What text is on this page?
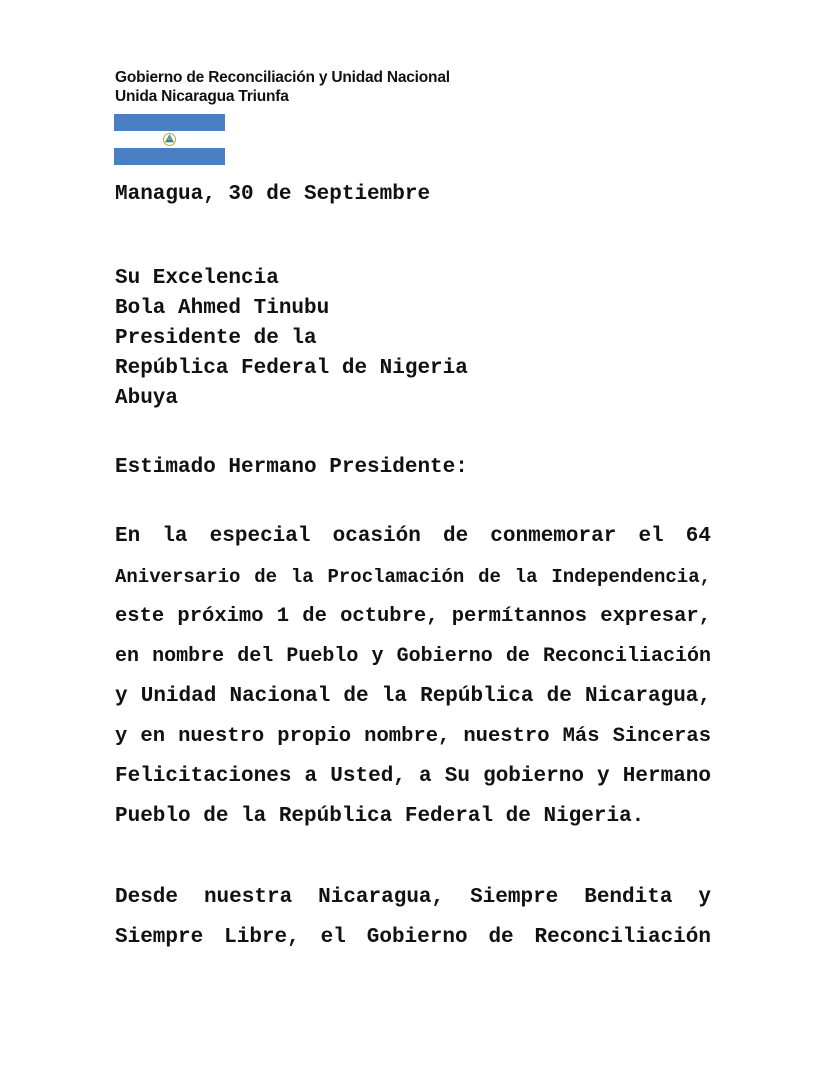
Gobierno de Reconciliación y Unidad Nacional
Unida Nicaragua Triunfa
Managua, 30 de Septiembre
Su Excelencia
Bola Ahmed Tinubu
Presidente de la
República Federal de Nigeria
Abuya
Estimado Hermano Presidente:
En la especial ocasión de conmemorar el 64
Aniversario de la Proclamación de la Independencia,
este próximo 1 de octubre, permítannos expresar,
en nombre del Pueblo y Gobierno de Reconciliación
y Unidad Nacional de la República de Nicaragua,
y en nuestro propio nombre, nuestro Más Sinceras
Felicitaciones a Usted, a Su gobierno y Hermano
Pueblo de la República Federal de Nigeria.
Desde nuestra Nicaragua, Siempre Bendita y
Siempre Libre, el Gobierno de Reconciliación
